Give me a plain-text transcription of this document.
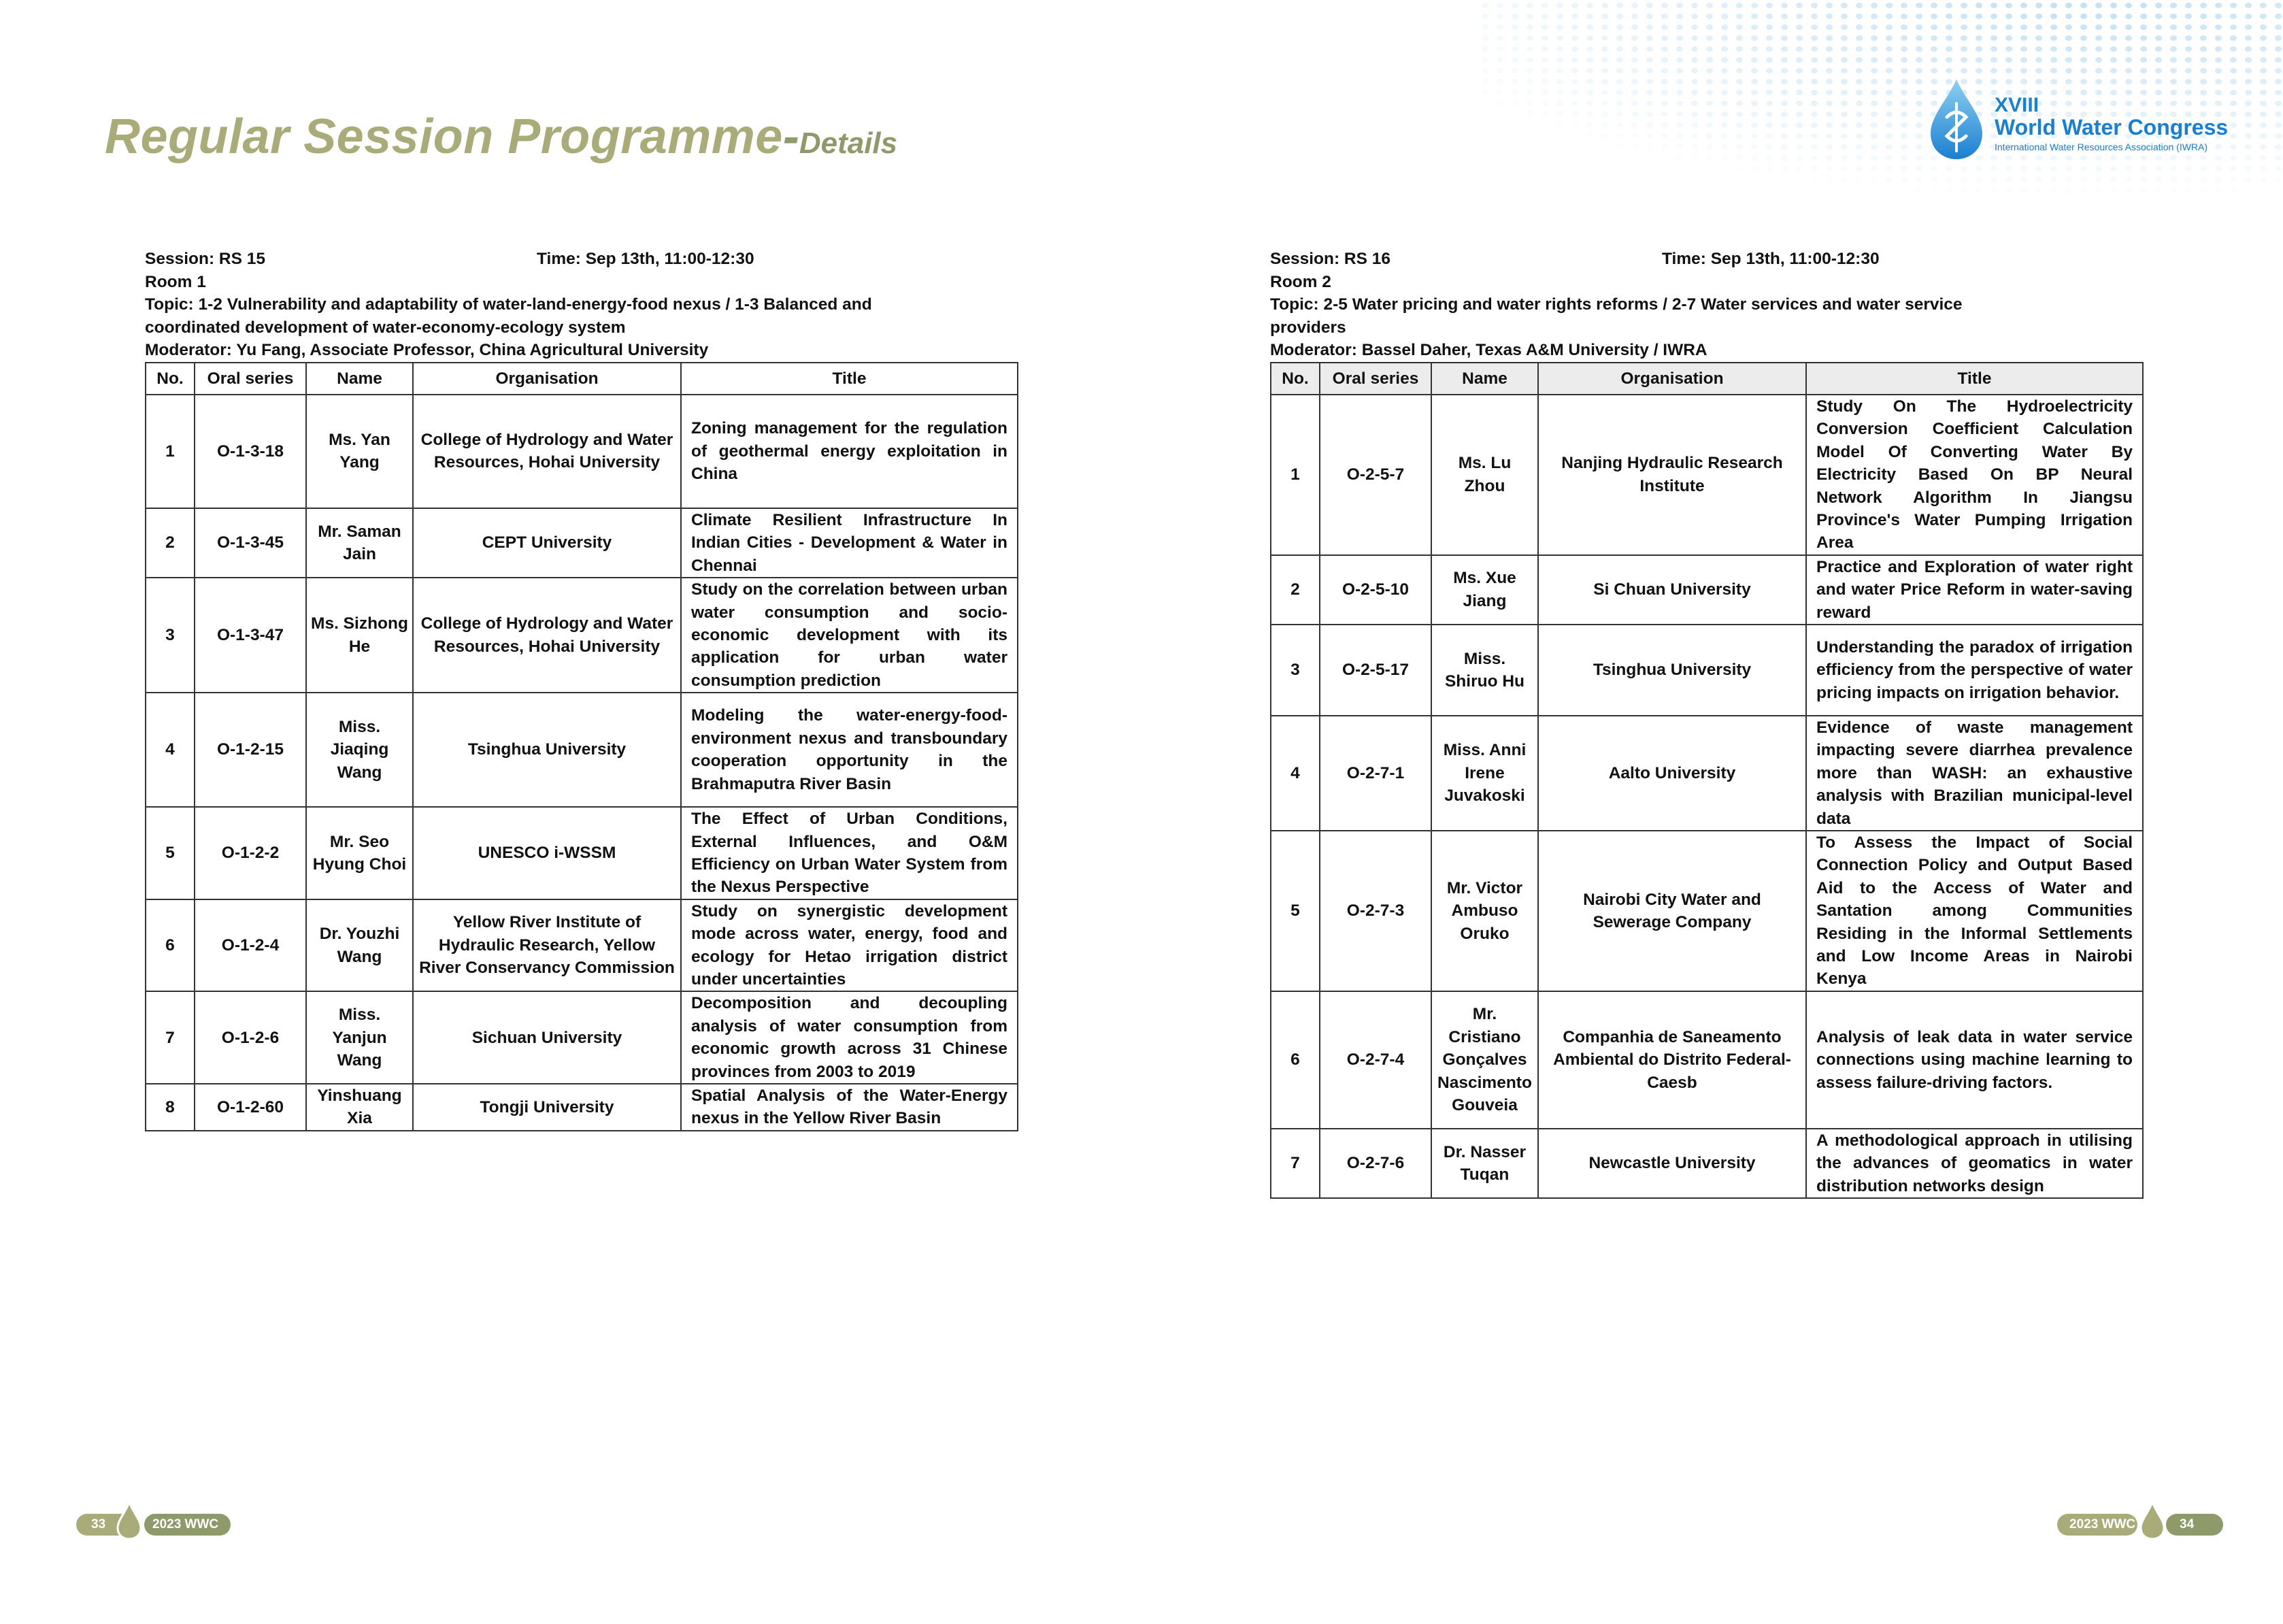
Regular Session Programme-Details
XVIII
World Water Congress
International Water Resources Association (IWRA)
Session: RS 15	Time: Sep 13th, 11:00-12:30
Room 1
Topic: 1-2 Vulnerability and adaptability of water-land-energy-food nexus / 1-3 Balanced and
coordinated development of water-economy-ecology system
Moderator: Yu Fang, Associate Professor, China Agricultural University
No.	Oral series	Name	Organisation	Title
1	O-1-3-18	Ms. Yan Yang	College of Hydrology and Water Resources, Hohai University	Zoning management for the regulation of geothermal energy exploitation in China
2	O-1-3-45	Mr. Saman Jain	CEPT University	Climate Resilient Infrastructure In Indian Cities - Development & Water in Chennai
3	O-1-3-47	Ms. Sizhong He	College of Hydrology and Water Resources, Hohai University	Study on the correlation between urban water consumption and socio-economic development with its application for urban water consumption prediction
4	O-1-2-15	Miss. Jiaqing Wang	Tsinghua University	Modeling the water-energy-food-environment nexus and transboundary cooperation opportunity in the Brahmaputra River Basin
5	O-1-2-2	Mr. Seo Hyung Choi	UNESCO i-WSSM	The Effect of Urban Conditions, External Influences, and O&M Efficiency on Urban Water System from the Nexus Perspective
6	O-1-2-4	Dr. Youzhi Wang	Yellow River Institute of Hydraulic Research, Yellow River Conservancy Commission	Study on synergistic development mode across water, energy, food and ecology for Hetao irrigation district under uncertainties
7	O-1-2-6	Miss. Yanjun Wang	Sichuan University	Decomposition and decoupling analysis of water consumption from economic growth across 31 Chinese provinces from 2003 to 2019
8	O-1-2-60	Yinshuang Xia	Tongji University	Spatial Analysis of the Water-Energy nexus in the Yellow River Basin
Session: RS 16	Time: Sep 13th, 11:00-12:30
Room 2
Topic: 2-5 Water pricing and water rights reforms / 2-7 Water services and water service
providers
Moderator: Bassel Daher, Texas A&M University / IWRA
No.	Oral series	Name	Organisation	Title
1	O-2-5-7	Ms. Lu Zhou	Nanjing Hydraulic Research Institute	Study On The Hydroelectricity Conversion Coefficient Calculation Model Of Converting Water By Electricity Based On BP Neural Network Algorithm In Jiangsu Province's Water Pumping Irrigation Area
2	O-2-5-10	Ms. Xue Jiang	Si Chuan University	Practice and Exploration of water right and water Price Reform in water-saving reward
3	O-2-5-17	Miss. Shiruo Hu	Tsinghua University	Understanding the paradox of irrigation efficiency from the perspective of water pricing impacts on irrigation behavior.
4	O-2-7-1	Miss. Anni Irene Juvakoski	Aalto University	Evidence of waste management impacting severe diarrhea prevalence more than WASH: an exhaustive analysis with Brazilian municipal-level data
5	O-2-7-3	Mr. Victor Ambuso Oruko	Nairobi City Water and Sewerage Company	To Assess the Impact of Social Connection Policy and Output Based Aid to the Access of Water and Santation among Communities Residing in the Informal Settlements and Low Income Areas in Nairobi Kenya
6	O-2-7-4	Mr. Cristiano Gonçalves Nascimento Gouveia	Companhia de Saneamento Ambiental do Distrito Federal-Caesb	Analysis of leak data in water service connections using machine learning to assess failure-driving factors.
7	O-2-7-6	Dr. Nasser Tuqan	Newcastle University	A methodological approach in utilising the advances of geomatics in water distribution networks design
33	2023 WWC	2023 WWC	34
